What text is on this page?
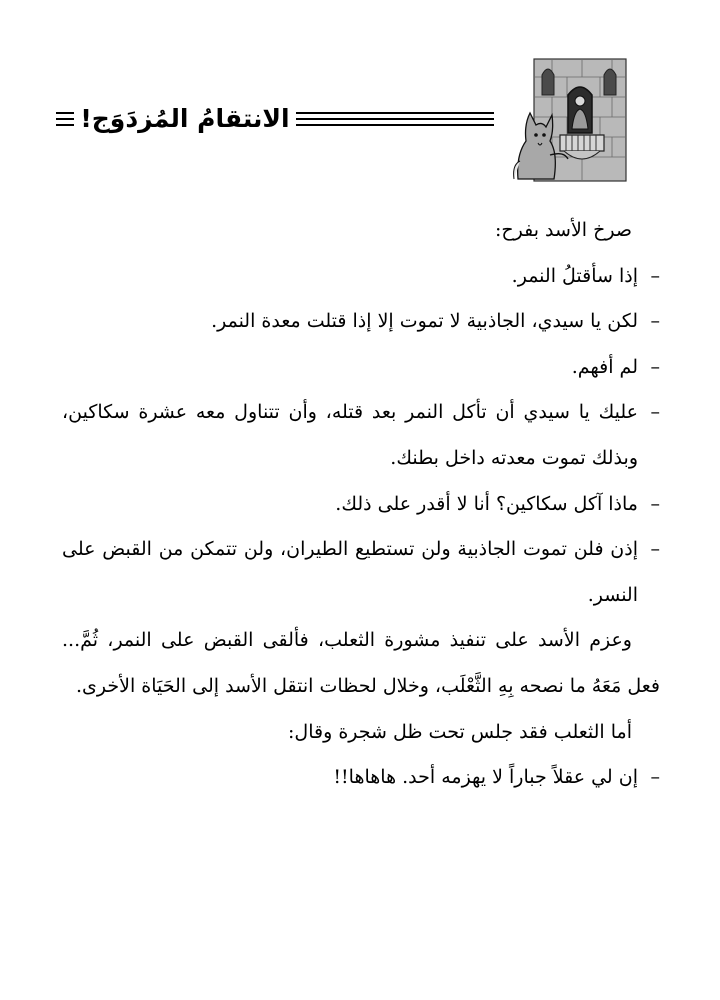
الانتقامُ المُزدَوَج!

صرخ الأسد بفرح:

–
إذا سأقتلُ النمر.

–
لكن يا سيدي، الجاذبية لا تموت إلا إذا قتلت معدة النمر.

–
لم أفهم.

–
عليك يا سيدي أن تأكل النمر بعد قتله، وأن تتناول معه عشرة سكاكين، وبذلك تموت معدته داخل بطنك.

–
ماذا آكل سكاكين؟ أنا لا أقدر على ذلك.

–
إذن فلن تموت الجاذبية ولن تستطيع الطيران، ولن تتمكن من القبض على النسر.

وعزم الأسد على تنفيذ مشورة الثعلب، فألقى القبض على النمر، ثُمَّ... فعل مَعَهُ ما نصحه بِهِ الثَّعْلَب، وخلال لحظات انتقل الأسد إلى الحَيَاة الأخرى.

أما الثعلب فقد جلس تحت ظل شجرة وقال:

–
إن لي عقلاً جباراً لا يهزمه أحد. هاهاها!!
